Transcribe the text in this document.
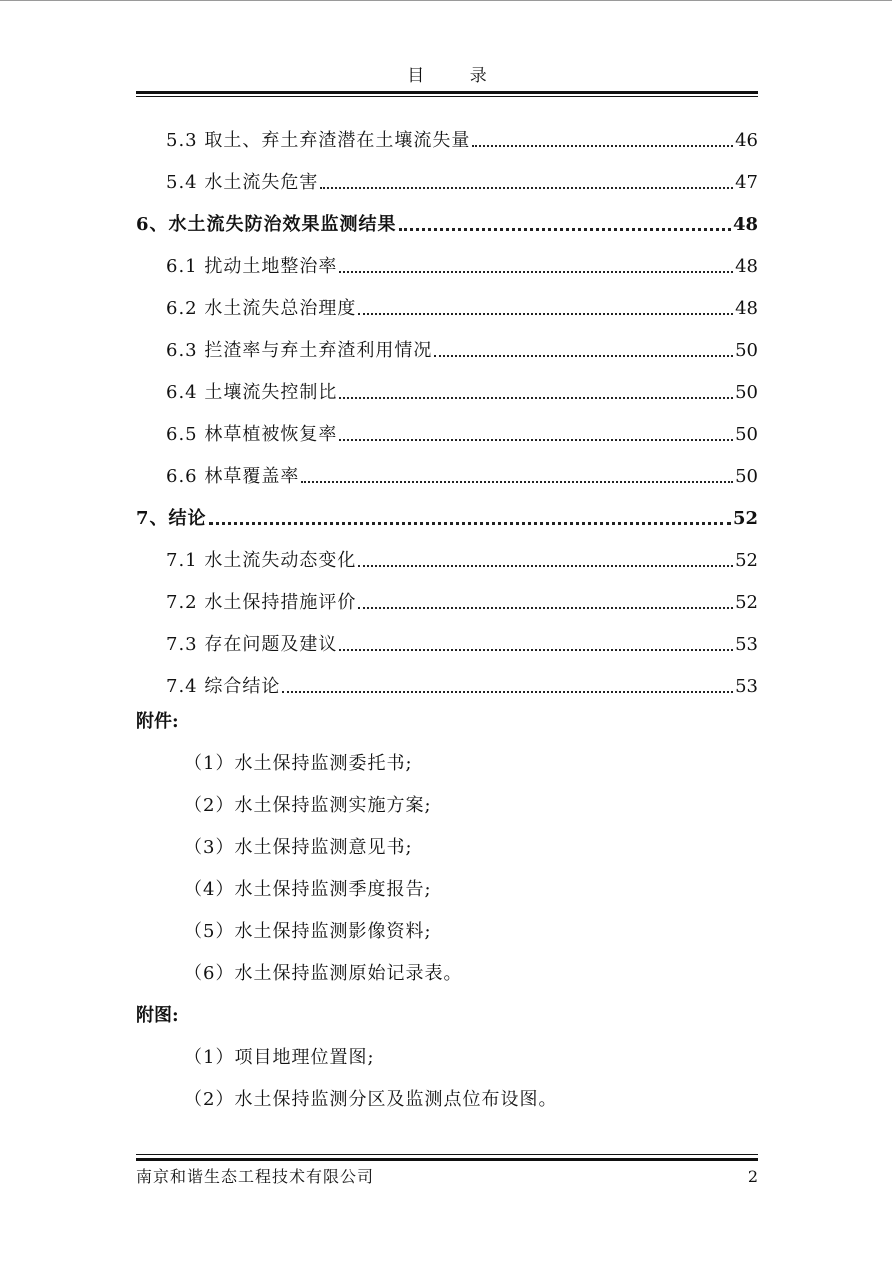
目 录
5.3 取土、弃土弃渣潜在土壤流失量	46
5.4 水土流失危害	47
6、水土流失防治效果监测结果	48
6.1 扰动土地整治率	48
6.2 水土流失总治理度	48
6.3 拦渣率与弃土弃渣利用情况	50
6.4 土壤流失控制比	50
6.5 林草植被恢复率	50
6.6 林草覆盖率	50
7、结论	52
7.1 水土流失动态变化	52
7.2 水土保持措施评价	52
7.3 存在问题及建议	53
7.4 综合结论	53
附件:
（1）水土保持监测委托书;
（2）水土保持监测实施方案;
（3）水土保持监测意见书;
（4）水土保持监测季度报告;
（5）水土保持监测影像资料;
（6）水土保持监测原始记录表。
附图:
（1）项目地理位置图;
（2）水土保持监测分区及监测点位布设图。
南京和谐生态工程技术有限公司	2
